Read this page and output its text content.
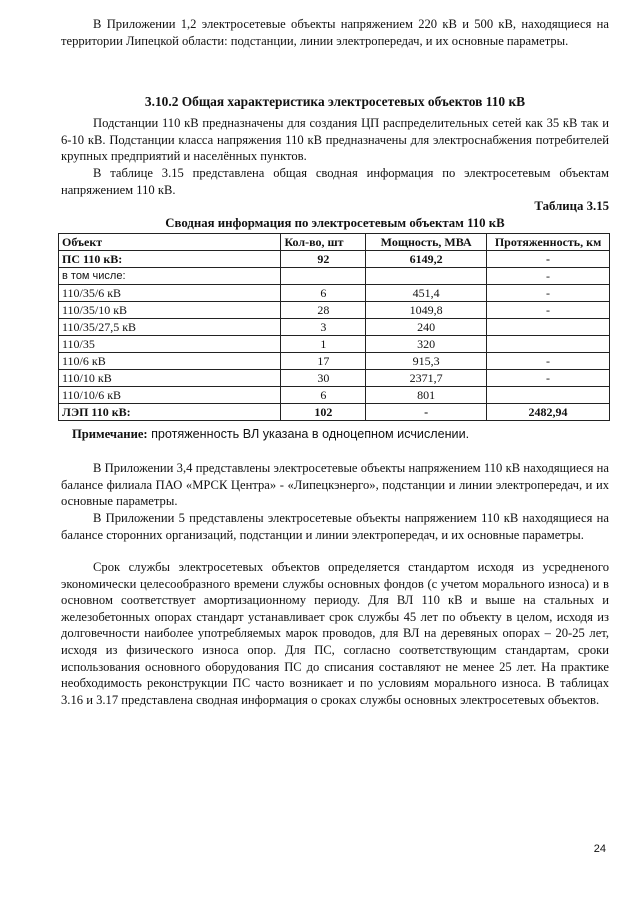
В Приложении 1,2 электросетевые объекты напряжением 220 кВ и 500 кВ, находящиеся на территории Липецкой области: подстанции, линии электропередач, и их основные параметры.

3.10.2 Общая характеристика электросетевых объектов 110 кВ

Подстанции 110 кВ предназначены для создания ЦП распределительных сетей как 35 кВ так и 6-10 кВ. Подстанции класса напряжения 110 кВ предназначены для электроснабжения потребителей крупных предприятий и населённых пунктов.

В таблице 3.15 представлена общая сводная информация по электросетевым объектам напряжением 110 кВ.

Таблица 3.15
Сводная информация по электросетевым объектам 110 кВ
Объект	Кол-во, шт	Мощность, МВА	Протяженность, км
ПС 110 кВ:	92	6149,2	-
в том числе:			-
110/35/6 кВ	6	451,4	-
110/35/10 кВ	28	1049,8	-
110/35/27,5 кВ	3	240	
110/35	1	320	
110/6 кВ	17	915,3	-
110/10 кВ	30	2371,7	-
110/10/6 кВ	6	801	
ЛЭП 110 кВ:	102	-	2482,94
Примечание: протяженность ВЛ указана в одноцепном исчислении.

В Приложении 3,4 представлены электросетевые объекты напряжением 110 кВ находящиеся на балансе филиала ПАО «МРСК Центра» - «Липецкэнерго», подстанции и линии электропередач, и их основные параметры.

В Приложении 5 представлены электросетевые объекты напряжением 110 кВ находящиеся на балансе сторонних организаций, подстанции и линии электропередач, и их основные параметры.

Срок службы электросетевых объектов определяется стандартом исходя из усредненого экономически целесообразного времени службы основных фондов (с учетом морального износа) и в основном соответствует амортизационному периоду. Для ВЛ 110 кВ и выше на стальных и железобетонных опорах стандарт устанавливает срок службы 45 лет по объекту в целом, исходя из долговечности наиболее употребляемых марок проводов, для ВЛ на деревяных опорах – 20-25 лет, исходя из физического износа опор. Для ПС, согласно соответствующим стандартам, сроки использования основного оборудования ПС до списания составляют не менее 25 лет. На практике необходимость реконструкции ПС часто возникает и по условиям морального износа. В таблицах 3.16 и 3.17 представлена сводная информация о сроках службы основных электросетевых объектов.

24
